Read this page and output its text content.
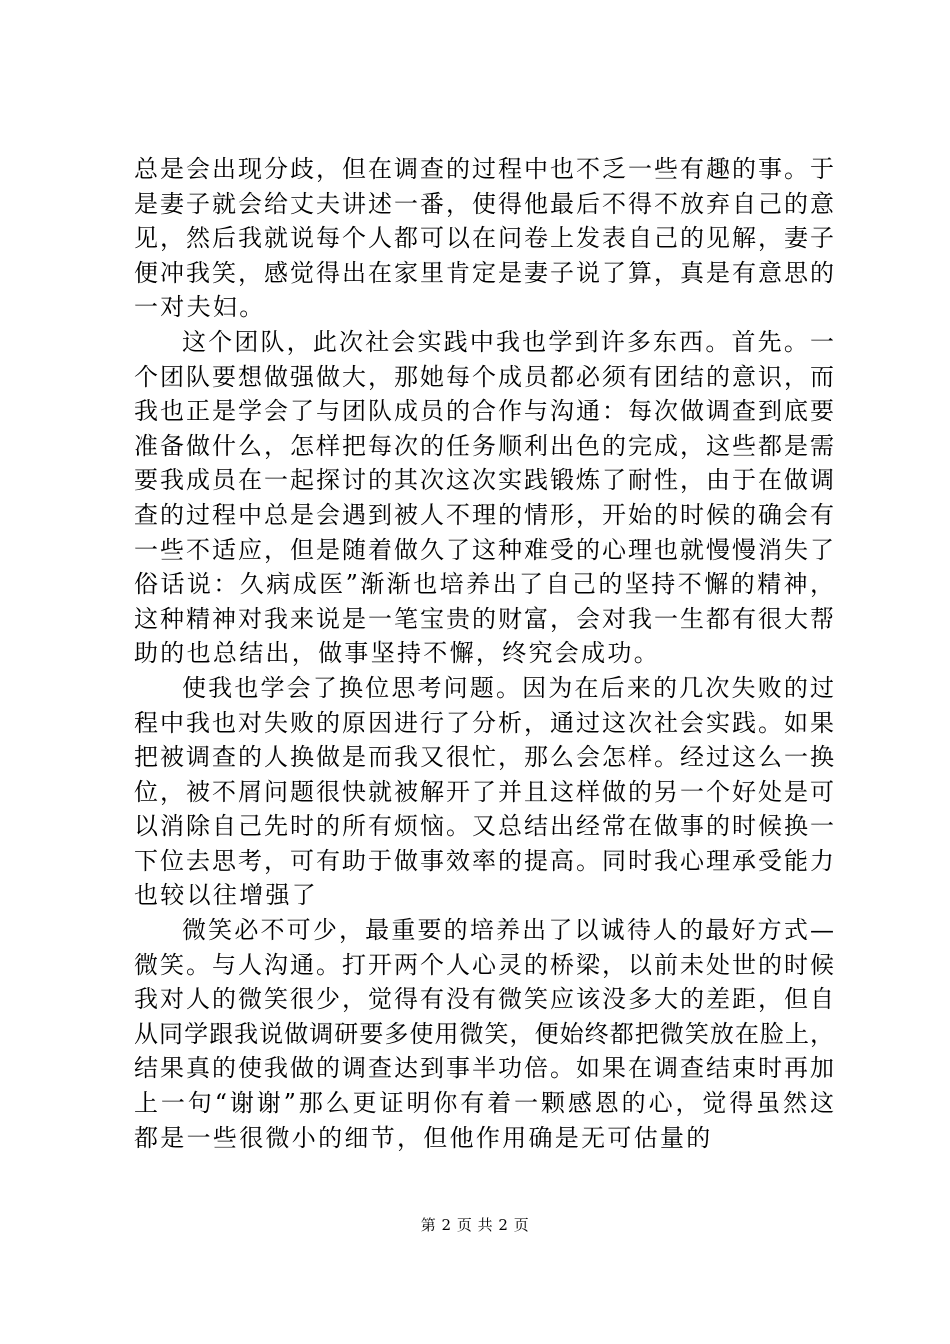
总是会出现分歧，但在调查的过程中也不乏一些有趣的事。于
是妻子就会给丈夫讲述一番，使得他最后不得不放弃自己的意
见，然后我就说每个人都可以在问卷上发表自己的见解，妻子
便冲我笑，感觉得出在家里肯定是妻子说了算，真是有意思的
一对夫妇。
这个团队，此次社会实践中我也学到许多东西。首先。一
个团队要想做强做大，那她每个成员都必须有团结的意识，而
我也正是学会了与团队成员的合作与沟通：每次做调查到底要
准备做什么，怎样把每次的任务顺利出色的完成，这些都是需
要我成员在一起探讨的其次这次实践锻炼了耐性，由于在做调
查的过程中总是会遇到被人不理的情形，开始的时候的确会有
一些不适应，但是随着做久了这种难受的心理也就慢慢消失了
俗话说：久病成医”渐渐也培养出了自己的坚持不懈的精神，
这种精神对我来说是一笔宝贵的财富，会对我一生都有很大帮
助的也总结出，做事坚持不懈，终究会成功。
使我也学会了换位思考问题。因为在后来的几次失败的过
程中我也对失败的原因进行了分析，通过这次社会实践。如果
把被调查的人换做是而我又很忙，那么会怎样。经过这么一换
位，被不屑问题很快就被解开了并且这样做的另一个好处是可
以消除自己先时的所有烦恼。又总结出经常在做事的时候换一
下位去思考，可有助于做事效率的提高。同时我心理承受能力
也较以往增强了
微笑必不可少，最重要的培养出了以诚待人的最好方式—
微笑。与人沟通。打开两个人心灵的桥梁，以前未处世的时候
我对人的微笑很少，觉得有没有微笑应该没多大的差距，但自
从同学跟我说做调研要多使用微笑，便始终都把微笑放在脸上，
结果真的使我做的调查达到事半功倍。如果在调查结束时再加
上一句“谢谢”那么更证明你有着一颗感恩的心，觉得虽然这
都是一些很微小的细节，但他作用确是无可估量的
第 2 页 共 2 页
